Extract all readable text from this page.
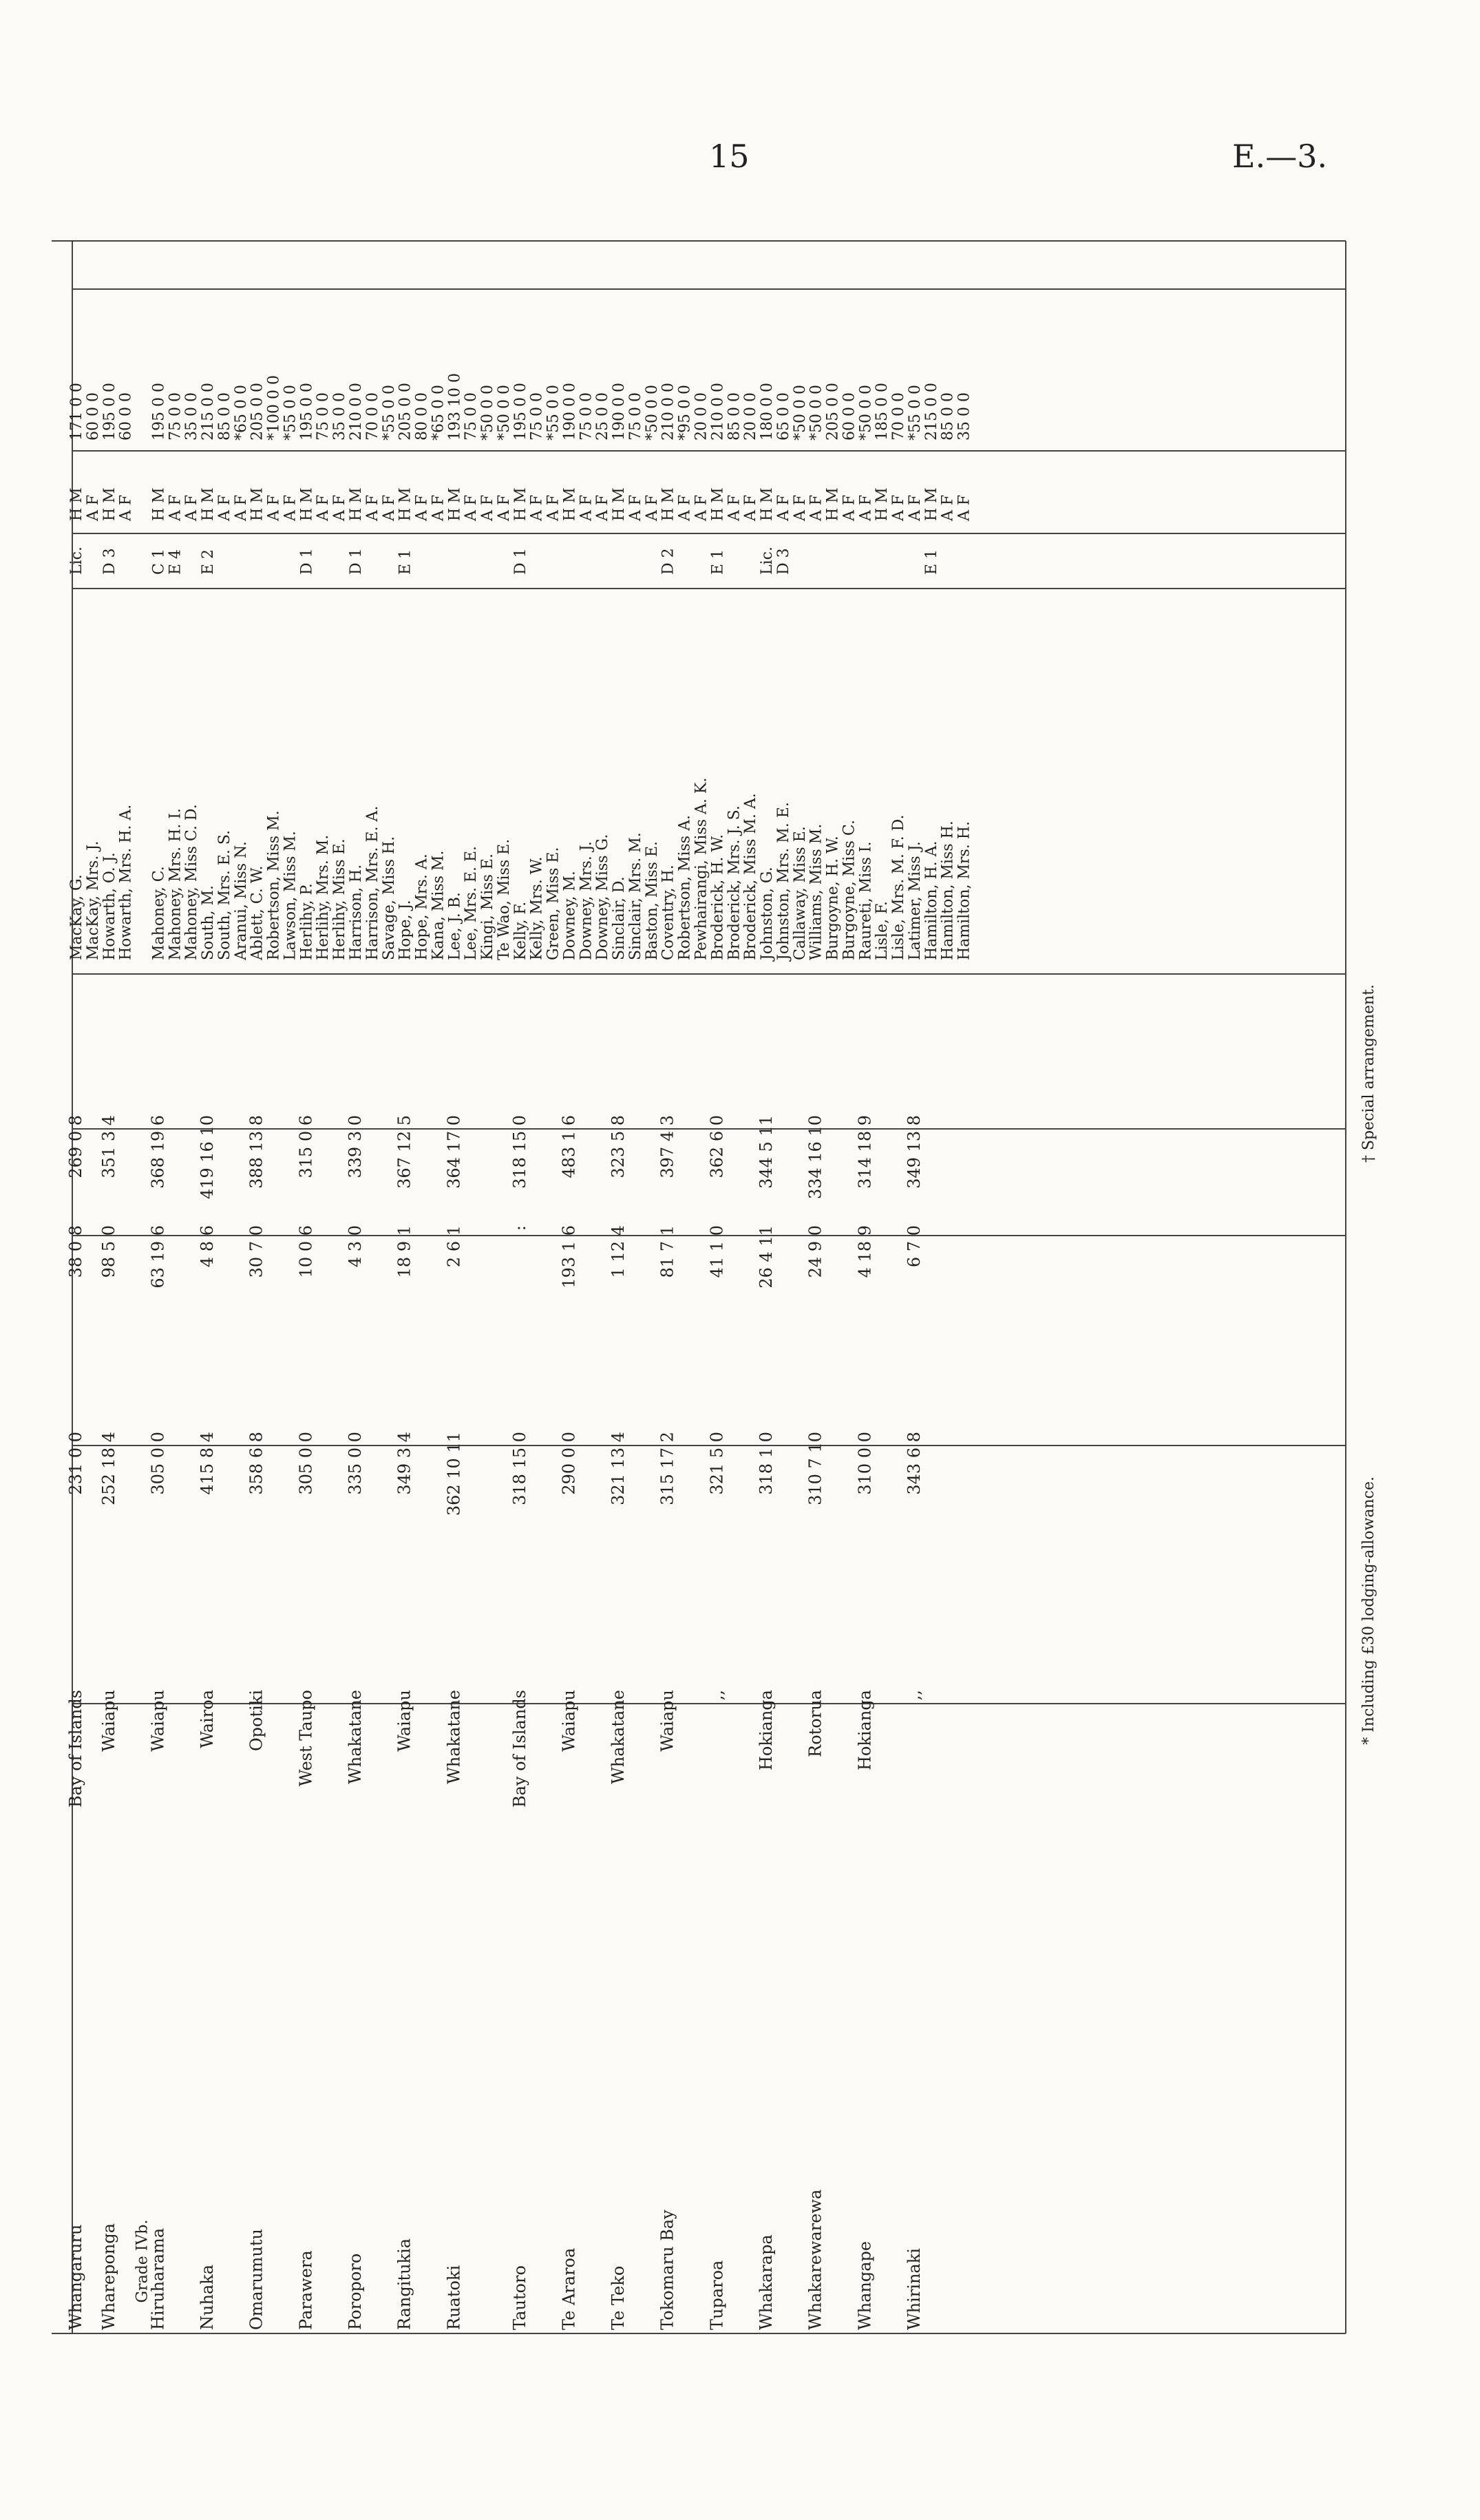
15	E.—3.
Whangaruru
Bay of Islands
231 0 0
38 0 8
269 0 8
MacKay, G.
Lic.
H M
171 0 0
MacKay, Mrs. J.
A F
60 0 0
Whareponga
Waiapu
252 18 4
98 5 0
351 3 4
Howarth, O. J.
D 3
H M
195 0 0
Howarth, Mrs. H. A.
A F
60 0 0
Grade IVb.
Hiruharama
Waiapu
305 0 0
63 19 6
368 19 6
Mahoney, C.
C 1
H M
195 0 0
Mahoney, Mrs. H. I.
E 4
A F
75 0 0
Mahoney, Miss C. D.
A F
35 0 0
Nuhaka
Wairoa
415 8 4
4 8 6
419 16 10
South, M.
E 2
H M
215 0 0
South, Mrs. E. S.
A F
85 0 0
Aranui, Miss N.
A F
*65 0 0
Omarumutu
Opotiki
358 6 8
30 7 0
388 13 8
Ablett, C. W.
H M
205 0 0
Robertson, Miss M.
A F
*100 0 0
Lawson, Miss M.
A F
*55 0 0
Parawera
West Taupo
305 0 0
10 0 6
315 0 6
Herlihy, P.
D 1
H M
195 0 0
Herlihy, Mrs. M.
A F
75 0 0
Herlihy, Miss E.
A F
35 0 0
Poroporo
Whakatane
335 0 0
4 3 0
339 3 0
Harrison, H.
D 1
H M
210 0 0
Harrison, Mrs. E. A.
A F
70 0 0
Savage, Miss H.
A F
*55 0 0
Rangitukia
Waiapu
349 3 4
18 9 1
367 12 5
Hope, J.
E 1
H M
205 0 0
Hope, Mrs. A.
A F
80 0 0
Kana, Miss M.
A F
*65 0 0
Ruatoki
Whakatane
362 10 11
2 6 1
364 17 0
Lee, J. B.
H M
193 10 0
Lee, Mrs. E. E.
A F
75 0 0
Kingi, Miss E.
A F
*50 0 0
Te Wao, Miss E.
A F
*50 0 0
Tautoro
Bay of Islands
318 15 0
:
318 15 0
Kelly, F.
D 1
H M
195 0 0
Kelly, Mrs. W.
A F
75 0 0
Green, Miss E.
A F
*55 0 0
Te Araroa
Waiapu
290 0 0
193 1 6
483 1 6
Downey, M.
H M
190 0 0
Downey, Mrs. J.
A F
75 0 0
Downey, Miss G.
A F
25 0 0
Te Teko
Whakatane
321 13 4
1 12 4
323 5 8
Sinclair, D.
H M
190 0 0
Sinclair, Mrs. M.
A F
75 0 0
Baston, Miss E.
A F
*50 0 0
Tokomaru Bay
Waiapu
315 17 2
81 7 1
397 4 3
Coventry, H.
D 2
H M
210 0 0
Robertson, Miss A.
A F
*95 0 0
Pewhairangi, Miss A. K.
A F
20 0 0
Tuparoa
,,
321 5 0
41 1 0
362 6 0
Broderick, H. W.
E 1
H M
210 0 0
Broderick, Mrs. J. S.
A F
85 0 0
Broderick, Miss M. A.
A F
20 0 0
Whakarapa
Hokianga
318 1 0
26 4 11
344 5 11
Johnston, G.
Lic.
H M
180 0 0
Johnston, Mrs. M. E.
D 3
A F
65 0 0
Callaway, Miss E.
A F
*50 0 0
Whakarewarewa
Rotorua
310 7 10
24 9 0
334 16 10
Williams, Miss M.
A F
*50 0 0
Burgoyne, H. W.
H M
205 0 0
Burgoyne, Miss C.
A F
60 0 0
Whangape
Hokianga
310 0 0
4 18 9
314 18 9
Raureti, Miss I.
A F
*50 0 0
Lisle, F.
H M
185 0 0
Lisle, Mrs. M. F. D.
A F
70 0 0
Whirinaki
,,
343 6 8
6 7 0
349 13 8
Latimer, Miss J.
A F
*55 0 0
Hamilton, H. A.
E 1
H M
215 0 0
Hamilton, Miss H.
A F
85 0 0
Hamilton, Mrs. H.
A F
35 0 0
* Including £30 lodging-allowance.
† Special arrangement.
